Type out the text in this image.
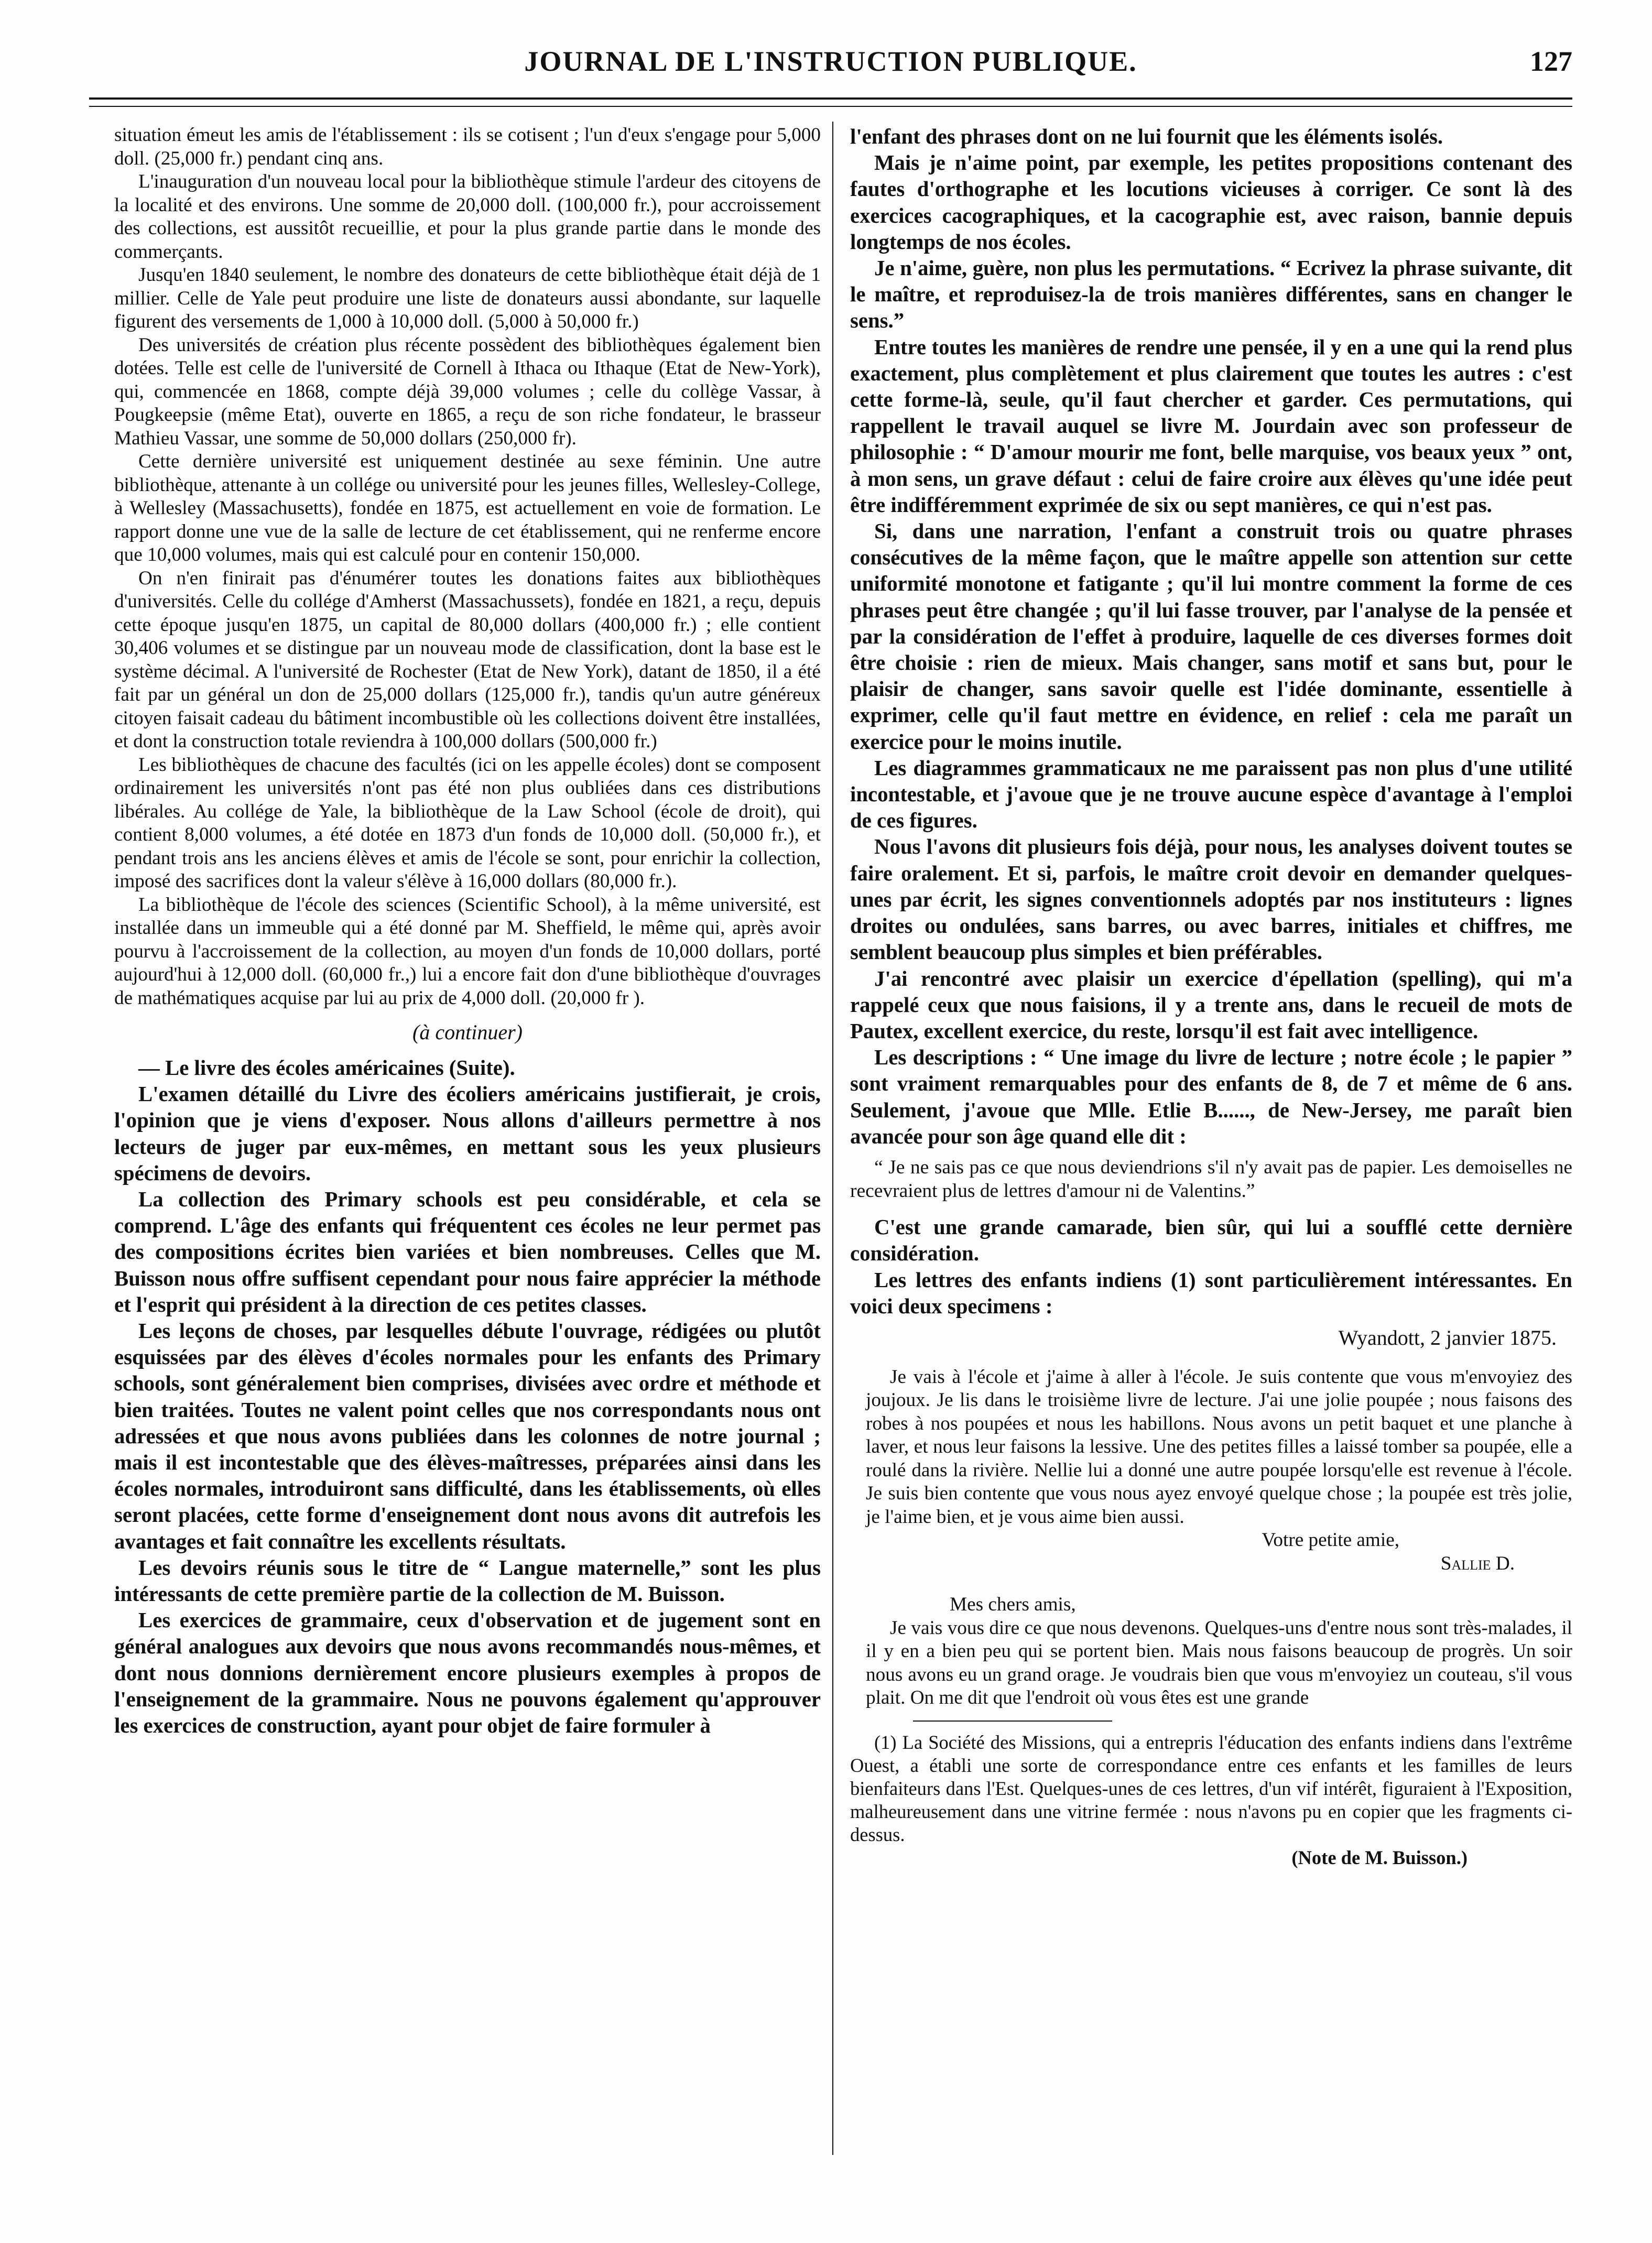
JOURNAL DE L'INSTRUCTION PUBLIQUE.	127

situation émeut les amis de l'établissement : ils se cotisent ; l'un d'eux s'engage pour 5,000 doll. (25,000 fr.) pendant cinq ans.

L'inauguration d'un nouveau local pour la bibliothèque stimule l'ardeur des citoyens de la localité et des environs. Une somme de 20,000 doll. (100,000 fr.), pour accroissement des collections, est aussitôt recueillie, et pour la plus grande partie dans le monde des commerçants.

Jusqu'en 1840 seulement, le nombre des donateurs de cette bibliothèque était déjà de 1 millier. Celle de Yale peut produire une liste de donateurs aussi abondante, sur laquelle figurent des versements de 1,000 à 10,000 doll. (5,000 à 50,000 fr.)

Des universités de création plus récente possèdent des bibliothèques également bien dotées. Telle est celle de l'université de Cornell à Ithaca ou Ithaque (Etat de New-York), qui, commencée en 1868, compte déjà 39,000 volumes ; celle du collège Vassar, à Pougkeepsie (même Etat), ouverte en 1865, a reçu de son riche fondateur, le brasseur Mathieu Vassar, une somme de 50,000 dollars (250,000 fr).

Cette dernière université est uniquement destinée au sexe féminin. Une autre bibliothèque, attenante à un collége ou université pour les jeunes filles, Wellesley-College, à Wellesley (Massachusetts), fondée en 1875, est actuellement en voie de formation. Le rapport donne une vue de la salle de lecture de cet établissement, qui ne renferme encore que 10,000 volumes, mais qui est calculé pour en contenir 150,000.

On n'en finirait pas d'énumérer toutes les donations faites aux bibliothèques d'universités. Celle du collége d'Amherst (Massachussets), fondée en 1821, a reçu, depuis cette époque jusqu'en 1875, un capital de 80,000 dollars (400,000 fr.) ; elle contient 30,406 volumes et se distingue par un nouveau mode de classification, dont la base est le système décimal. A l'université de Rochester (Etat de New York), datant de 1850, il a été fait par un général un don de 25,000 dollars (125,000 fr.), tandis qu'un autre généreux citoyen faisait cadeau du bâtiment incombustible où les collections doivent être installées, et dont la construction totale reviendra à 100,000 dollars (500,000 fr.)

Les bibliothèques de chacune des facultés (ici on les appelle écoles) dont se composent ordinairement les universités n'ont pas été non plus oubliées dans ces distributions libérales. Au collége de Yale, la bibliothèque de la Law School (école de droit), qui contient 8,000 volumes, a été dotée en 1873 d'un fonds de 10,000 doll. (50,000 fr.), et pendant trois ans les anciens élèves et amis de l'école se sont, pour enrichir la collection, imposé des sacrifices dont la valeur s'élève à 16,000 dollars (80,000 fr.).

La bibliothèque de l'école des sciences (Scientific School), à la même université, est installée dans un immeuble qui a été donné par M. Sheffield, le même qui, après avoir pourvu à l'accroissement de la collection, au moyen d'un fonds de 10,000 dollars, porté aujourd'hui à 12,000 doll. (60,000 fr.,) lui a encore fait don d'une bibliothèque d'ouvrages de mathématiques acquise par lui au prix de 4,000 doll. (20,000 fr ).

(à continuer)

— Le livre des écoles américaines (Suite).

L'examen détaillé du Livre des écoliers américains justifierait, je crois, l'opinion que je viens d'exposer. Nous allons d'ailleurs permettre à nos lecteurs de juger par eux-mêmes, en mettant sous les yeux plusieurs spécimens de devoirs.

La collection des Primary schools est peu considérable, et cela se comprend. L'âge des enfants qui fréquentent ces écoles ne leur permet pas des compositions écrites bien variées et bien nombreuses. Celles que M. Buisson nous offre suffisent cependant pour nous faire apprécier la méthode et l'esprit qui président à la direction de ces petites classes.

Les leçons de choses, par lesquelles débute l'ouvrage, rédigées ou plutôt esquissées par des élèves d'écoles normales pour les enfants des Primary schools, sont généralement bien comprises, divisées avec ordre et méthode et bien traitées. Toutes ne valent point celles que nos correspondants nous ont adressées et que nous avons publiées dans les colonnes de notre journal ; mais il est incontestable que des élèves-maîtresses, préparées ainsi dans les écoles normales, introduiront sans difficulté, dans les établissements, où elles seront placées, cette forme d'enseignement dont nous avons dit autrefois les avantages et fait connaître les excellents résultats.

Les devoirs réunis sous le titre de “ Langue maternelle,” sont les plus intéressants de cette première partie de la collection de M. Buisson.

Les exercices de grammaire, ceux d'observation et de jugement sont en général analogues aux devoirs que nous avons recommandés nous-mêmes, et dont nous donnions dernièrement encore plusieurs exemples à propos de l'enseignement de la grammaire. Nous ne pouvons également qu'approuver les exercices de construction, ayant pour objet de faire formuler à

l'enfant des phrases dont on ne lui fournit que les éléments isolés.

Mais je n'aime point, par exemple, les petites propositions contenant des fautes d'orthographe et les locutions vicieuses à corriger. Ce sont là des exercices cacographiques, et la cacographie est, avec raison, bannie depuis longtemps de nos écoles.

Je n'aime, guère, non plus les permutations. “ Ecrivez la phrase suivante, dit le maître, et reproduisez-la de trois manières différentes, sans en changer le sens.”

Entre toutes les manières de rendre une pensée, il y en a une qui la rend plus exactement, plus complètement et plus clairement que toutes les autres : c'est cette forme-là, seule, qu'il faut chercher et garder. Ces permutations, qui rappellent le travail auquel se livre M. Jourdain avec son professeur de philosophie : “ D'amour mourir me font, belle marquise, vos beaux yeux ” ont, à mon sens, un grave défaut : celui de faire croire aux élèves qu'une idée peut être indifféremment exprimée de six ou sept manières, ce qui n'est pas.

Si, dans une narration, l'enfant a construit trois ou quatre phrases consécutives de la même façon, que le maître appelle son attention sur cette uniformité monotone et fatigante ; qu'il lui montre comment la forme de ces phrases peut être changée ; qu'il lui fasse trouver, par l'analyse de la pensée et par la considération de l'effet à produire, laquelle de ces diverses formes doit être choisie : rien de mieux. Mais changer, sans motif et sans but, pour le plaisir de changer, sans savoir quelle est l'idée dominante, essentielle à exprimer, celle qu'il faut mettre en évidence, en relief : cela me paraît un exercice pour le moins inutile.

Les diagrammes grammaticaux ne me paraissent pas non plus d'une utilité incontestable, et j'avoue que je ne trouve aucune espèce d'avantage à l'emploi de ces figures.

Nous l'avons dit plusieurs fois déjà, pour nous, les analyses doivent toutes se faire oralement. Et si, parfois, le maître croit devoir en demander quelques-unes par écrit, les signes conventionnels adoptés par nos instituteurs : lignes droites ou ondulées, sans barres, ou avec barres, initiales et chiffres, me semblent beaucoup plus simples et bien préférables.

J'ai rencontré avec plaisir un exercice d'épellation (spelling), qui m'a rappelé ceux que nous faisions, il y a trente ans, dans le recueil de mots de Pautex, excellent exercice, du reste, lorsqu'il est fait avec intelligence.

Les descriptions : “ Une image du livre de lecture ; notre école ; le papier ” sont vraiment remarquables pour des enfants de 8, de 7 et même de 6 ans. Seulement, j'avoue que Mlle. Etlie B......, de New-Jersey, me paraît bien avancée pour son âge quand elle dit :

“ Je ne sais pas ce que nous deviendrions s'il n'y avait pas de papier. Les demoiselles ne recevraient plus de lettres d'amour ni de Valentins.”

C'est une grande camarade, bien sûr, qui lui a soufflé cette dernière considération.

Les lettres des enfants indiens (1) sont particulièrement intéressantes. En voici deux specimens :

Wyandott, 2 janvier 1875.

Je vais à l'école et j'aime à aller à l'école. Je suis contente que vous m'envoyiez des joujoux. Je lis dans le troisième livre de lecture. J'ai une jolie poupée ; nous faisons des robes à nos poupées et nous les habillons. Nous avons un petit baquet et une planche à laver, et nous leur faisons la lessive. Une des petites filles a laissé tomber sa poupée, elle a roulé dans la rivière. Nellie lui a donné une autre poupée lorsqu'elle est revenue à l'école. Je suis bien contente que vous nous ayez envoyé quelque chose ; la poupée est très jolie, je l'aime bien, et je vous aime bien aussi.

Votre petite amie,

Sallie D.

Mes chers amis,

Je vais vous dire ce que nous devenons. Quelques-uns d'entre nous sont très-malades, il il y en a bien peu qui se portent bien. Mais nous faisons beaucoup de progrès. Un soir nous avons eu un grand orage. Je voudrais bien que vous m'envoyiez un couteau, s'il vous plait. On me dit que l'endroit où vous êtes est une grande

(1) La Société des Missions, qui a entrepris l'éducation des enfants indiens dans l'extrême Ouest, a établi une sorte de correspondance entre ces enfants et les familles de leurs bienfaiteurs dans l'Est. Quelques-unes de ces lettres, d'un vif intérêt, figuraient à l'Exposition, malheureusement dans une vitrine fermée : nous n'avons pu en copier que les fragments ci-dessus.

(Note de M. Buisson.)
